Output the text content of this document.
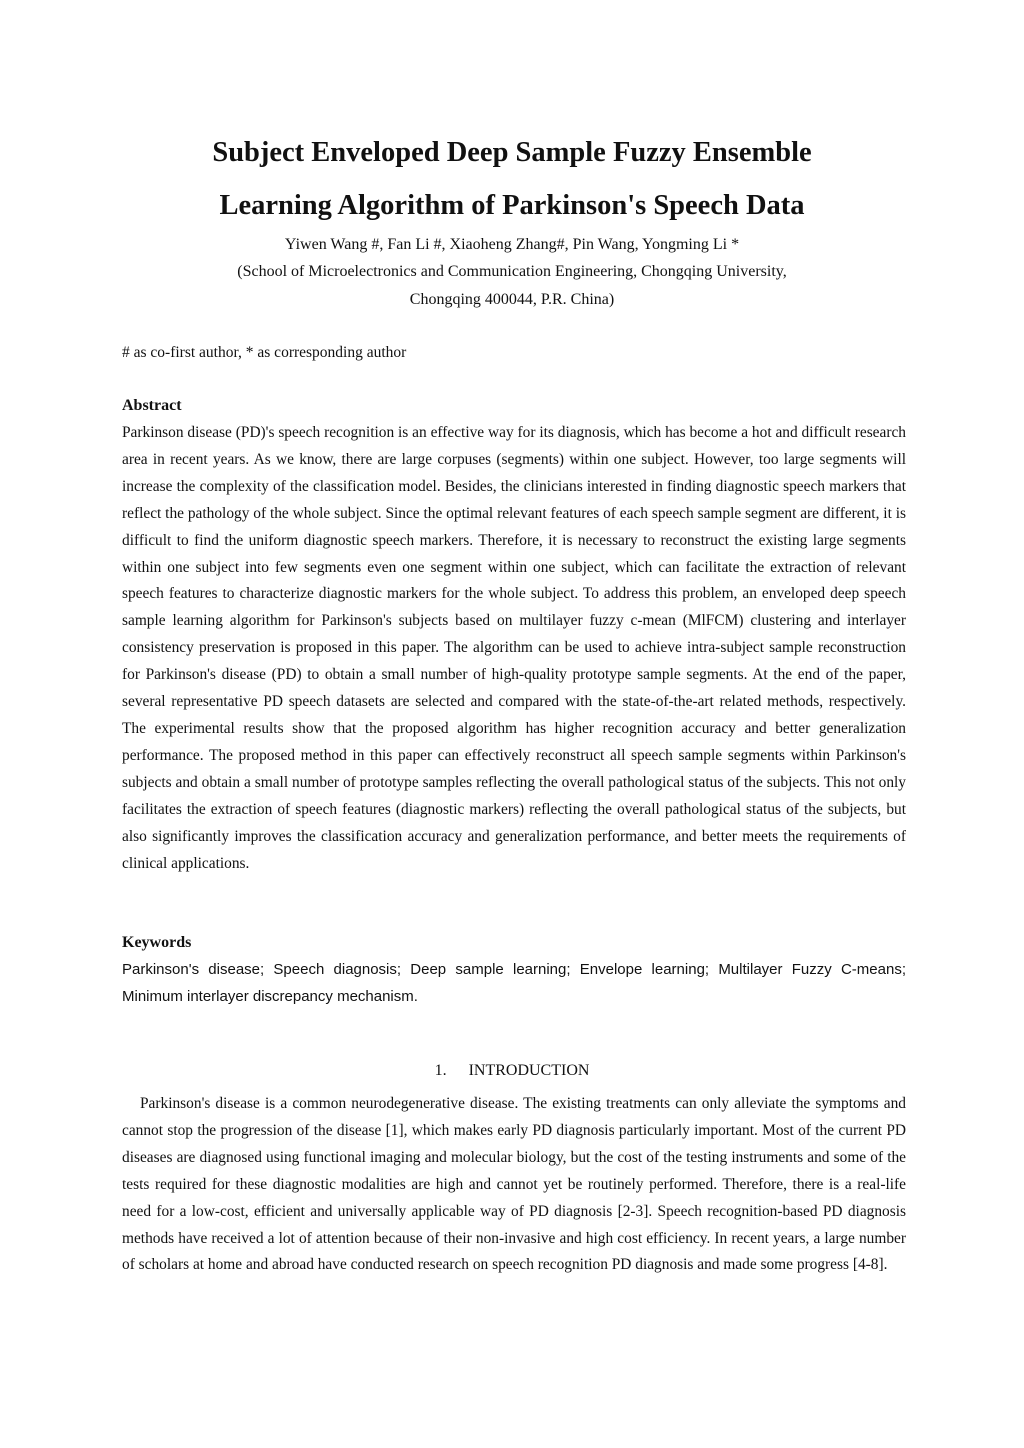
Subject Enveloped Deep Sample Fuzzy Ensemble
Learning Algorithm of Parkinson's Speech Data
Yiwen Wang #, Fan Li #, Xiaoheng Zhang#, Pin Wang, Yongming Li *
(School of Microelectronics and Communication Engineering, Chongqing University,
Chongqing 400044, P.R. China)
# as co-first author, * as corresponding author
Abstract

Parkinson disease (PD)'s speech recognition is an effective way for its diagnosis, which has become a hot and difficult research area in recent years. As we know, there are large corpuses (segments) within one subject. However, too large segments will increase the complexity of the classification model. Besides, the clinicians interested in finding diagnostic speech markers that reflect the pathology of the whole subject. Since the optimal relevant features of each speech sample segment are different, it is difficult to find the uniform diagnostic speech markers. Therefore, it is necessary to reconstruct the existing large segments within one subject into few segments even one segment within one subject, which can facilitate the extraction of relevant speech features to characterize diagnostic markers for the whole subject. To address this problem, an enveloped deep speech sample learning algorithm for Parkinson's subjects based on multilayer fuzzy c-mean (MlFCM) clustering and interlayer consistency preservation is proposed in this paper. The algorithm can be used to achieve intra-subject sample reconstruction for Parkinson's disease (PD) to obtain a small number of high-quality prototype sample segments. At the end of the paper, several representative PD speech datasets are selected and compared with the state-of-the-art related methods, respectively. The experimental results show that the proposed algorithm has higher recognition accuracy and better generalization performance. The proposed method in this paper can effectively reconstruct all speech sample segments within Parkinson's subjects and obtain a small number of prototype samples reflecting the overall pathological status of the subjects. This not only facilitates the extraction of speech features (diagnostic markers) reflecting the overall pathological status of the subjects, but also significantly improves the classification accuracy and generalization performance, and better meets the requirements of clinical applications.

Keywords

Parkinson's disease; Speech diagnosis; Deep sample learning; Envelope learning; Multilayer Fuzzy C-means; Minimum interlayer discrepancy mechanism.

1. INTRODUCTION

Parkinson's disease is a common neurodegenerative disease. The existing treatments can only alleviate the symptoms and cannot stop the progression of the disease [1], which makes early PD diagnosis particularly important. Most of the current PD diseases are diagnosed using functional imaging and molecular biology, but the cost of the testing instruments and some of the tests required for these diagnostic modalities are high and cannot yet be routinely performed. Therefore, there is a real-life need for a low-cost, efficient and universally applicable way of PD diagnosis [2-3]. Speech recognition-based PD diagnosis methods have received a lot of attention because of their non-invasive and high cost efficiency. In recent years, a large number of scholars at home and abroad have conducted research on speech recognition PD diagnosis and made some progress [4-8].
